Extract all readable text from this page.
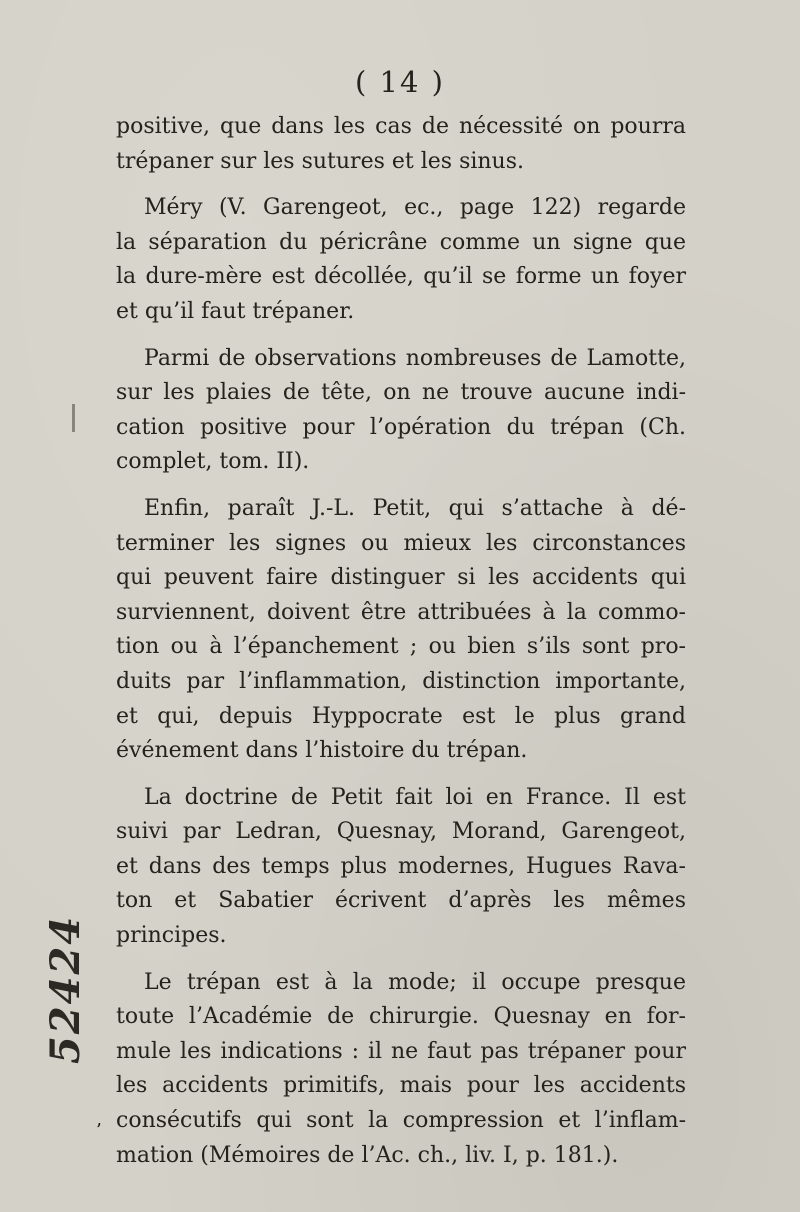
( 14 )

positive, que dans les cas de nécessité on pourra
trépaner sur les sutures et les sinus.

Méry (V. Garengeot, ec., page 122) regarde
la séparation du péricrâne comme un signe que
la dure-mère est décollée, qu’il se forme un foyer
et qu’il faut trépaner.

Parmi de observations nombreuses de Lamotte,
sur les plaies de tête, on ne trouve aucune indi-
cation positive pour l’opération du trépan (Ch.
complet, tom. II).

Enfin, paraît J.-L. Petit, qui s’attache à dé-
terminer les signes ou mieux les circonstances
qui peuvent faire distinguer si les accidents qui
surviennent, doivent être attribuées à la commo-
tion ou à l’épanchement ; ou bien s’ils sont pro-
duits par l’inflammation, distinction importante,
et qui, depuis Hyppocrate est le plus grand
événement dans l’histoire du trépan.

La doctrine de Petit fait loi en France. Il est
suivi par Ledran, Quesnay, Morand, Garengeot,
et dans des temps plus modernes, Hugues Rava-
ton et Sabatier écrivent d’après les mêmes
principes.

Le trépan est à la mode; il occupe presque
toute l’Académie de chirurgie. Quesnay en for-
mule les indications : il ne faut pas trépaner pour
les accidents primitifs, mais pour les accidents
consécutifs qui sont la compression et l’inflam-
mation (Mémoires de l’Ac. ch., liv. I, p. 181.).

52424
’
